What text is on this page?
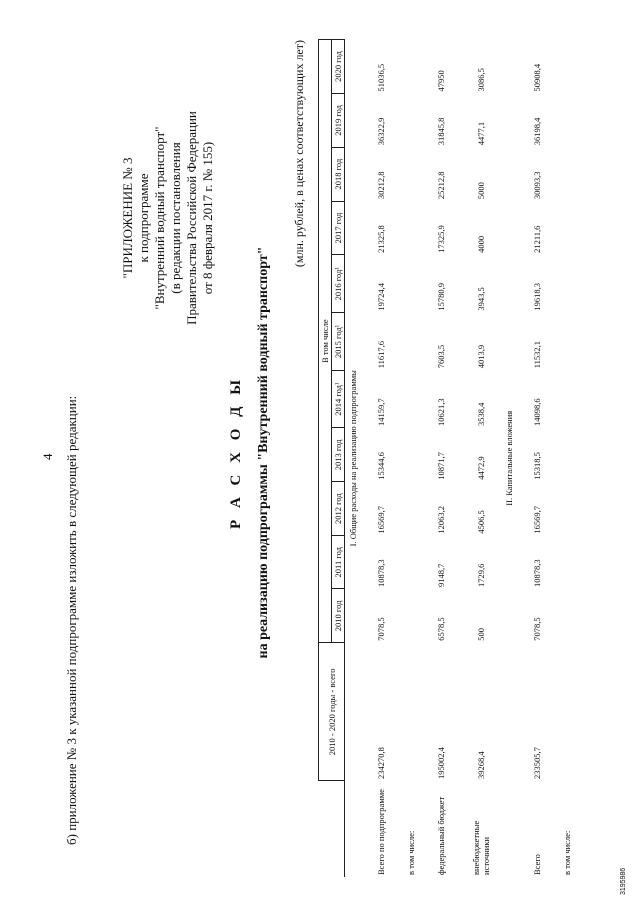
4 б) приложение № 3 к указанной подпрограмме изложить в следующей редакции:
"ПРИЛОЖЕНИЕ № 3 к подпрограмме "Внутренний водный транспорт" (в редакции постановления Правительства Российской Федерации от 8 февраля 2017 г. № 155)
Р А С Х О Д Ы на реализацию подпрограммы "Внутренний водный транспорт"
(млн. рублей, в ценах соответствующих лет)
	2010 - 2020 годы - всего	В том числе										
		2010 год	2011 год	2012 год	2013 год	2014 год¹	2015 год¹	2016 год¹	2017 год	2018 год	2019 год	2020 год
I. Общие расходы на реализацию подпрограммы												
Всего по подпрограмме	234270,8	7078,5	10878,3	16569,7	15344,6	14159,7	11617,6	19724,4	21325,8	30212,8	36322,9	51036,5
в том числе:												
федеральный бюджет	195002,4	6578,5	9148,7	12063,2	10871,7	10621,3	7603,5	15780,9	17325,9	25212,8	31845,8	47950
внебюджетные источники	39268,4	500	1729,6	4506,5	4472,9	3538,4	4013,9	3943,5	4000	5000	4477,1	3086,5
II. Капитальные вложения												
Всего	233505,7	7078,5	10878,3	16569,7	15318,5	14098,6	11532,1	19618,3	21211,6	30093,3	36198,4	50908,4
в том числе:												
3195986
